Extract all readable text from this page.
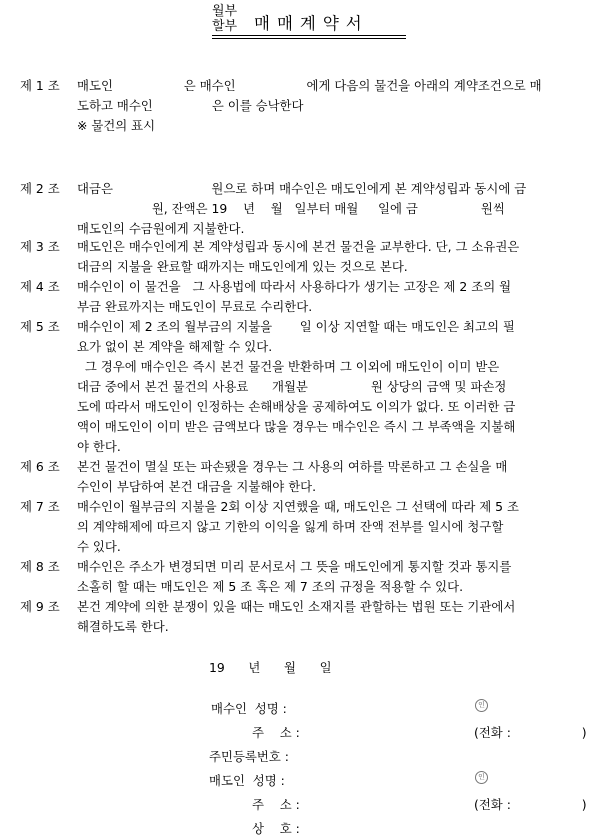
월부
할부 매매계약서
제 1 조 매도인                  은 매수인                  에게 다음의 물건을 아래의 계약조건으로 매
도하고 매수인               은 이를 승낙한다
※ 물건의 표시
제 2 조 대금은                         원으로 하며 매수인은 매도인에게 본 계약성립과 동시에 금
원, 잔액은 19    년    월   일부터 매월     일에 금                원씩
매도인의 수금원에게 지불한다.
제 3 조 매도인은 매수인에게 본 계약성립과 동시에 본건 물건을 교부한다. 단, 그 소유권은
대금의 지불을 완료할 때까지는 매도인에게 있는 것으로 본다.
제 4 조 매수인이 이 물건을   그 사용법에 따라서 사용하다가 생기는 고장은 제 2 조의 월
부금 완료까지는 매도인이 무료로 수리한다.
제 5 조 매수인이 제 2 조의 월부금의 지불을       일 이상 지연할 때는 매도인은 최고의 필
요가 없이 본 계약을 해제할 수 있다.
그 경우에 매수인은 즉시 본건 물건을 반환하며 그 이외에 매도인이 이미 받은
대금 중에서 본건 물건의 사용료      개월분                원 상당의 금액 및 파손정
도에 따라서 매도인이 인정하는 손해배상을 공제하여도 이의가 없다. 또 이러한 금
액이 매도인이 이미 받은 금액보다 많을 경우는 매수인은 즉시 그 부족액을 지불해
야 한다.
제 6 조 본건 물건이 멸실 또는 파손됐을 경우는 그 사용의 여하를 막론하고 그 손실을 매
수인이 부담하여 본건 대금을 지불해야 한다.
제 7 조 매수인이 월부금의 지불을 2회 이상 지연했을 때, 매도인은 그 선택에 따라 제 5 조
의 계약해제에 따르지 않고 기한의 이익을 잃게 하며 잔액 전부를 일시에 청구할
수 있다.
제 8 조 매수인은 주소가 변경되면 미리 문서로서 그 뜻을 매도인에게 통지할 것과 통지를
소홀히 할 때는 매도인은 제 5 조 혹은 제 7 조의 규정을 적용할 수 있다.
제 9 조 본건 계약에 의한 분쟁이 있을 때는 매도인 소재지를 관할하는 법원 또는 기관에서
해결하도록 한다.
19      년      월      일
매수인  성명 :	인
주    소 :	(전화 :                  )
주민등록번호 :
매도인  성명 :	인
주    소 :	(전화 :                  )
상    호 :
